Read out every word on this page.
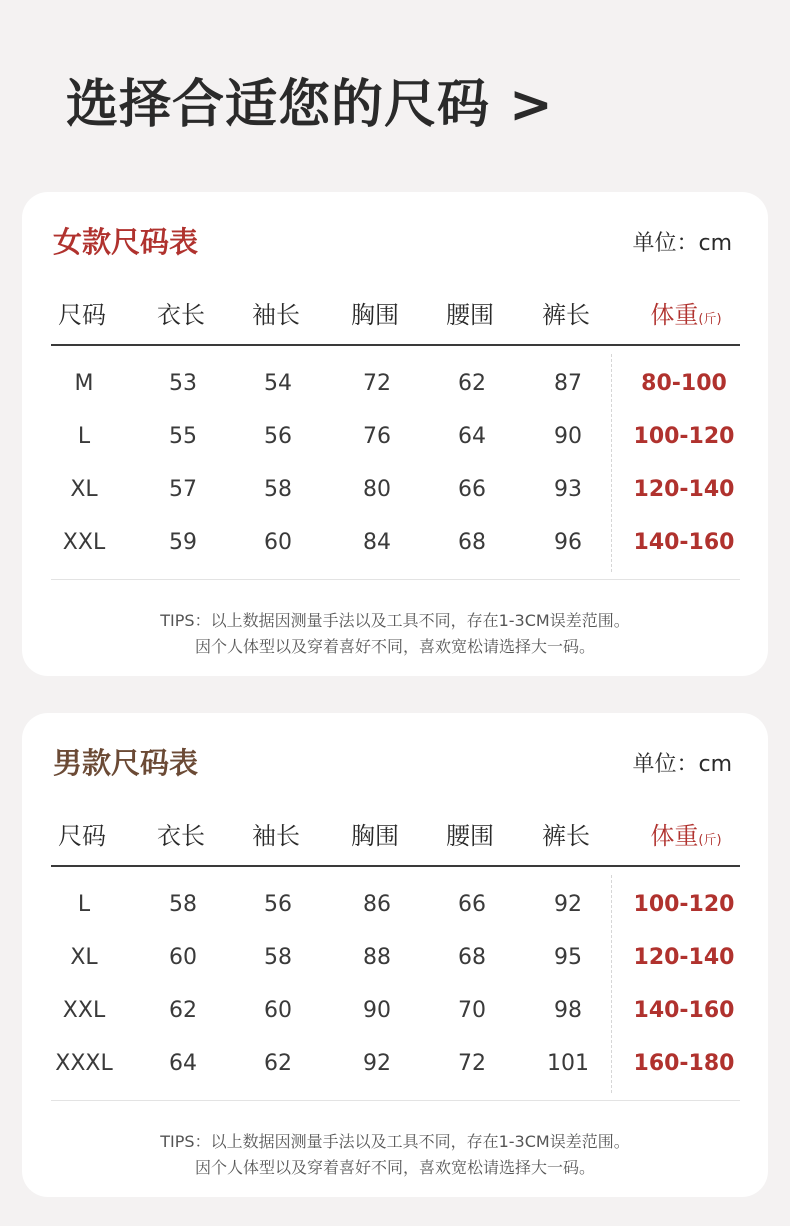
选择合适您的尺码 >
女款尺码表	单位：cm
尺码 衣长 袖长 胸围 腰围 裤长	体重(斤)
M	53	54	72	62	87	80-100
L	55	56	76	64	90 100-120
XL	57	58	80	66	93 120-140
XXL	59	60	84	68	96 140-160
TIPS：以上数据因测量手法以及工具不同，存在1-3CM误差范围。
因个人体型以及穿着喜好不同，喜欢宽松请选择大一码。
男款尺码表	单位：cm
尺码 衣长 袖长 胸围 腰围 裤长	体重(斤)
L	58	56	86	66	92 100-120
XL	60	58	88	68	95 120-140
XXL	62	60	90	70	98 140-160
XXXL	64	62	92	72	101 160-180
TIPS：以上数据因测量手法以及工具不同，存在1-3CM误差范围。
因个人体型以及穿着喜好不同，喜欢宽松请选择大一码。
